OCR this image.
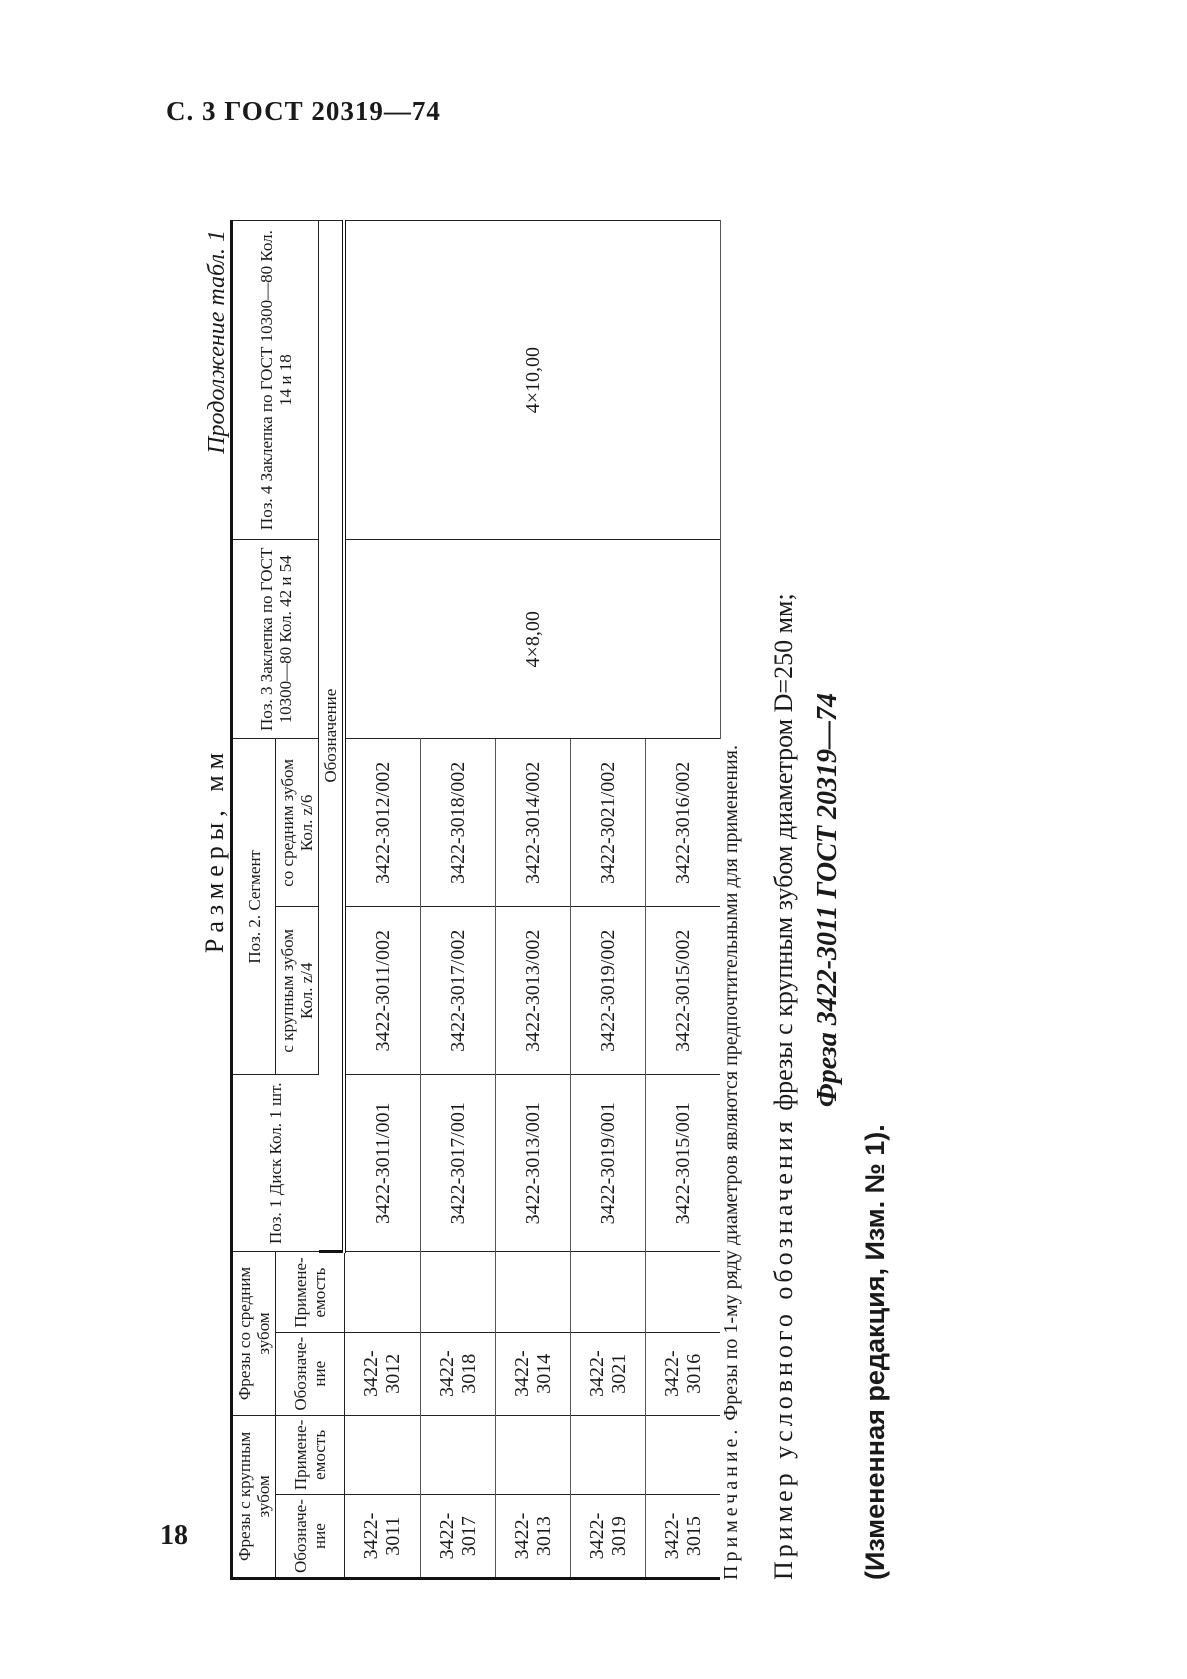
С. 3 ГОСТ 20319—74
Продолжение табл. 1
Размеры, мм
Фрезы с крупным зубом		Фрезы со средним зубом		Поз. 1 Диск Кол. 1 шт.	Поз. 2. Сегмент		Поз. 3 Заклепка по ГОСТ 10300—80 Кол. 42 и 54	Поз. 4 Заклепка по ГОСТ 10300—80 Кол. 14 и 18
Обозначе-ние	Примене-емость	Обозначе-ние	Примене-емость		с крупным зубом Кол. z/4	со средним зубом Кол. z/6		
				Обозначение				
3422-3011		3422-3012		3422-3011/001	3422-3011/002	3422-3012/002	4×8,00	4×10,00
3422-3017		3422-3018		3422-3017/001	3422-3017/002	3422-3018/002		
3422-3013		3422-3014		3422-3013/001	3422-3013/002	3422-3014/002		
3422-3019		3422-3021		3422-3019/001	3422-3019/002	3422-3021/002		
3422-3015		3422-3016		3422-3015/001	3422-3015/002	3422-3016/002		
Примечание. Фрезы по 1-му ряду диаметров являются предпочтительными для применения. Пример условного обозначения фрезы с крупным зубом диаметром D=250 мм; Фреза 3422-3011 ГОСТ 20319—74
(Измененная редакция, Изм. № 1).
18
